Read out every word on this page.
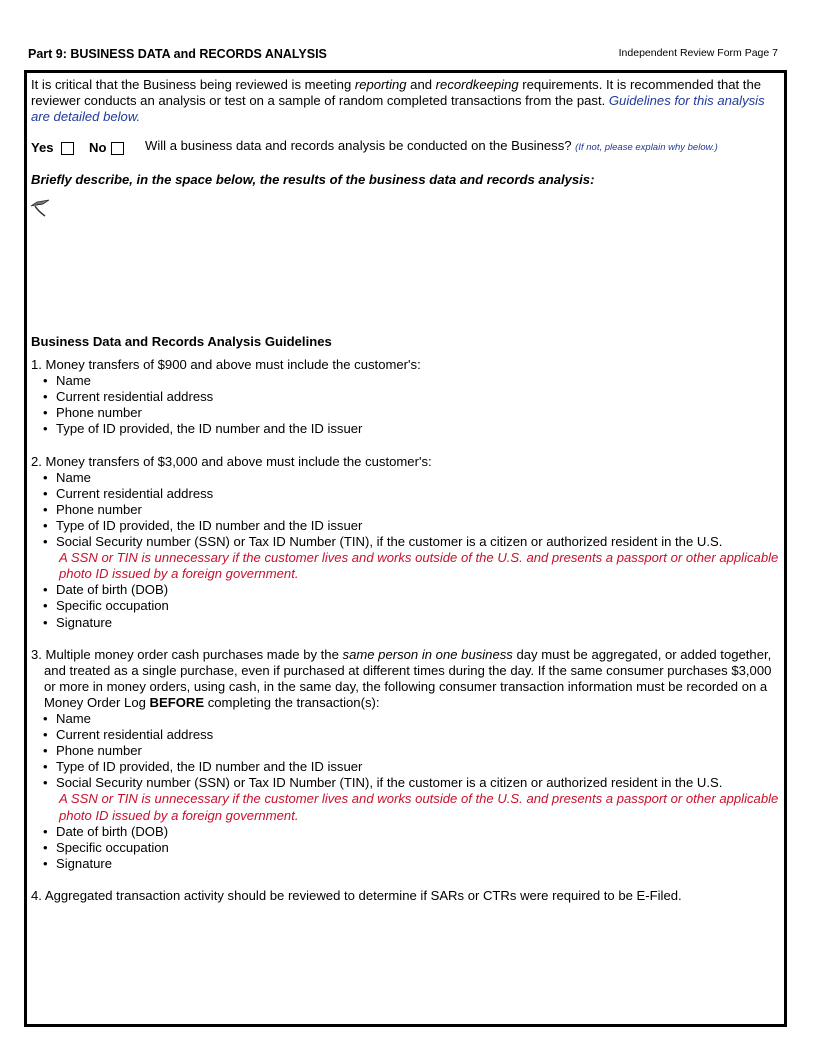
Part 9: BUSINESS DATA and RECORDS ANALYSIS	Independent Review Form Page 7

It is critical that the Business being reviewed is meeting reporting and recordkeeping requirements. It is recommended that the reviewer conducts an analysis or test on a sample of random completed transactions from the past. Guidelines for this analysis are detailed below.

Yes	No	Will a business data and records analysis be conducted on the Business? (If not, please explain why below.)
Briefly describe, in the space below, the results of the business data and records analysis:

Business Data and Records Analysis Guidelines

1. Money transfers of $900 and above must include the customer's:

• Name
• Current residential address
• Phone number
• Type of ID provided, the ID number and the ID issuer

2. Money transfers of $3,000 and above must include the customer's:

• Name
• Current residential address
• Phone number
• Type of ID provided, the ID number and the ID issuer
• Social Security number (SSN) or Tax ID Number (TIN), if the customer is a citizen or authorized resident in the U.S.
A SSN or TIN is unnecessary if the customer lives and works outside of the U.S. and presents a passport or other applicable photo ID issued by a foreign government.
• Date of birth (DOB)
• Specific occupation
• Signature

3. Multiple money order cash purchases made by the same person in one business day must be aggregated, or added together, and treated as a single purchase, even if purchased at different times during the day. If the same consumer purchases $3,000 or more in money orders, using cash, in the same day, the following consumer transaction information must be recorded on a Money Order Log BEFORE completing the transaction(s):

• Name
• Current residential address
• Phone number
• Type of ID provided, the ID number and the ID issuer
• Social Security number (SSN) or Tax ID Number (TIN), if the customer is a citizen or authorized resident in the U.S.
A SSN or TIN is unnecessary if the customer lives and works outside of the U.S. and presents a passport or other applicable photo ID issued by a foreign government.
• Date of birth (DOB)
• Specific occupation
• Signature

4. Aggregated transaction activity should be reviewed to determine if SARs or CTRs were required to be E-Filed.
